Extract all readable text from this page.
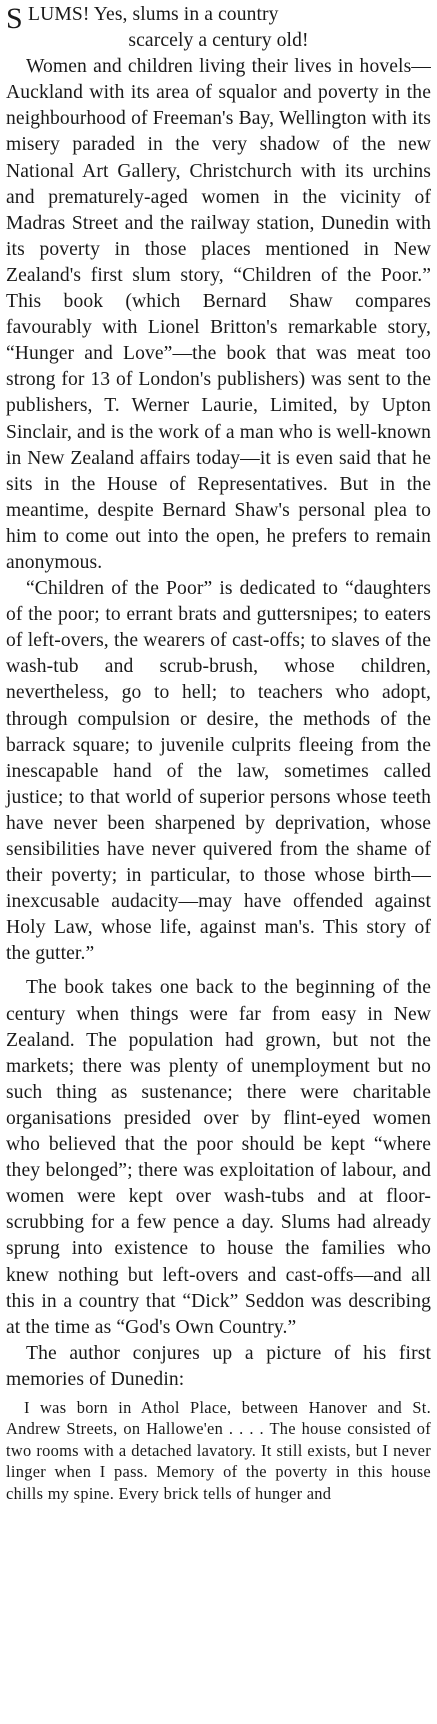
S LUMS! Yes, slums in a country
scarcely a century old!

Women and children living their lives in hovels—Auckland with its area of squalor and poverty in the neighbourhood of Freeman's Bay, Wellington with its misery paraded in the very shadow of the new National Art Gallery, Christchurch with its urchins and prematurely-aged women in the vicinity of Madras Street and the railway station, Dunedin with its poverty in those places mentioned in New Zealand's first slum story, “Children of the Poor.” This book (which Bernard Shaw compares favourably with Lionel Britton's remarkable story, “Hunger and Love”—the book that was meat too strong for 13 of London's publishers) was sent to the publishers, T. Werner Laurie, Limited, by Upton Sinclair, and is the work of a man who is well-known in New Zealand affairs today—it is even said that he sits in the House of Representatives. But in the meantime, despite Bernard Shaw's personal plea to him to come out into the open, he prefers to remain anonymous.

“Children of the Poor” is dedicated to “daughters of the poor; to errant brats and guttersnipes; to eaters of left-overs, the wearers of cast-offs; to slaves of the wash-tub and scrub-brush, whose children, nevertheless, go to hell; to teachers who adopt, through compulsion or desire, the methods of the barrack square; to juvenile culprits fleeing from the inescapable hand of the law, sometimes called justice; to that world of superior persons whose teeth have never been sharpened by deprivation, whose sensibilities have never quivered from the shame of their poverty; in particular, to those whose birth—inexcusable audacity—may have offended against Holy Law, whose life, against man's. This story of the gutter.”

The book takes one back to the beginning of the century when things were far from easy in New Zealand. The population had grown, but not the markets; there was plenty of unemployment but no such thing as sustenance; there were charitable organisations presided over by flint-eyed women who believed that the poor should be kept “where they belonged”; there was exploitation of labour, and women were kept over wash-tubs and at floor-scrubbing for a few pence a day. Slums had already sprung into existence to house the families who knew nothing but left-overs and cast-offs—and all this in a country that “Dick” Seddon was describing at the time as “God's Own Country.”

The author conjures up a picture of his first memories of Dunedin:

I was born in Athol Place, between Hanover and St. Andrew Streets, on Hallowe'en . . . . The house consisted of two rooms with a detached lavatory. It still exists, but I never linger when I pass. Memory of the poverty in this house chills my spine. Every brick tells of hunger and
